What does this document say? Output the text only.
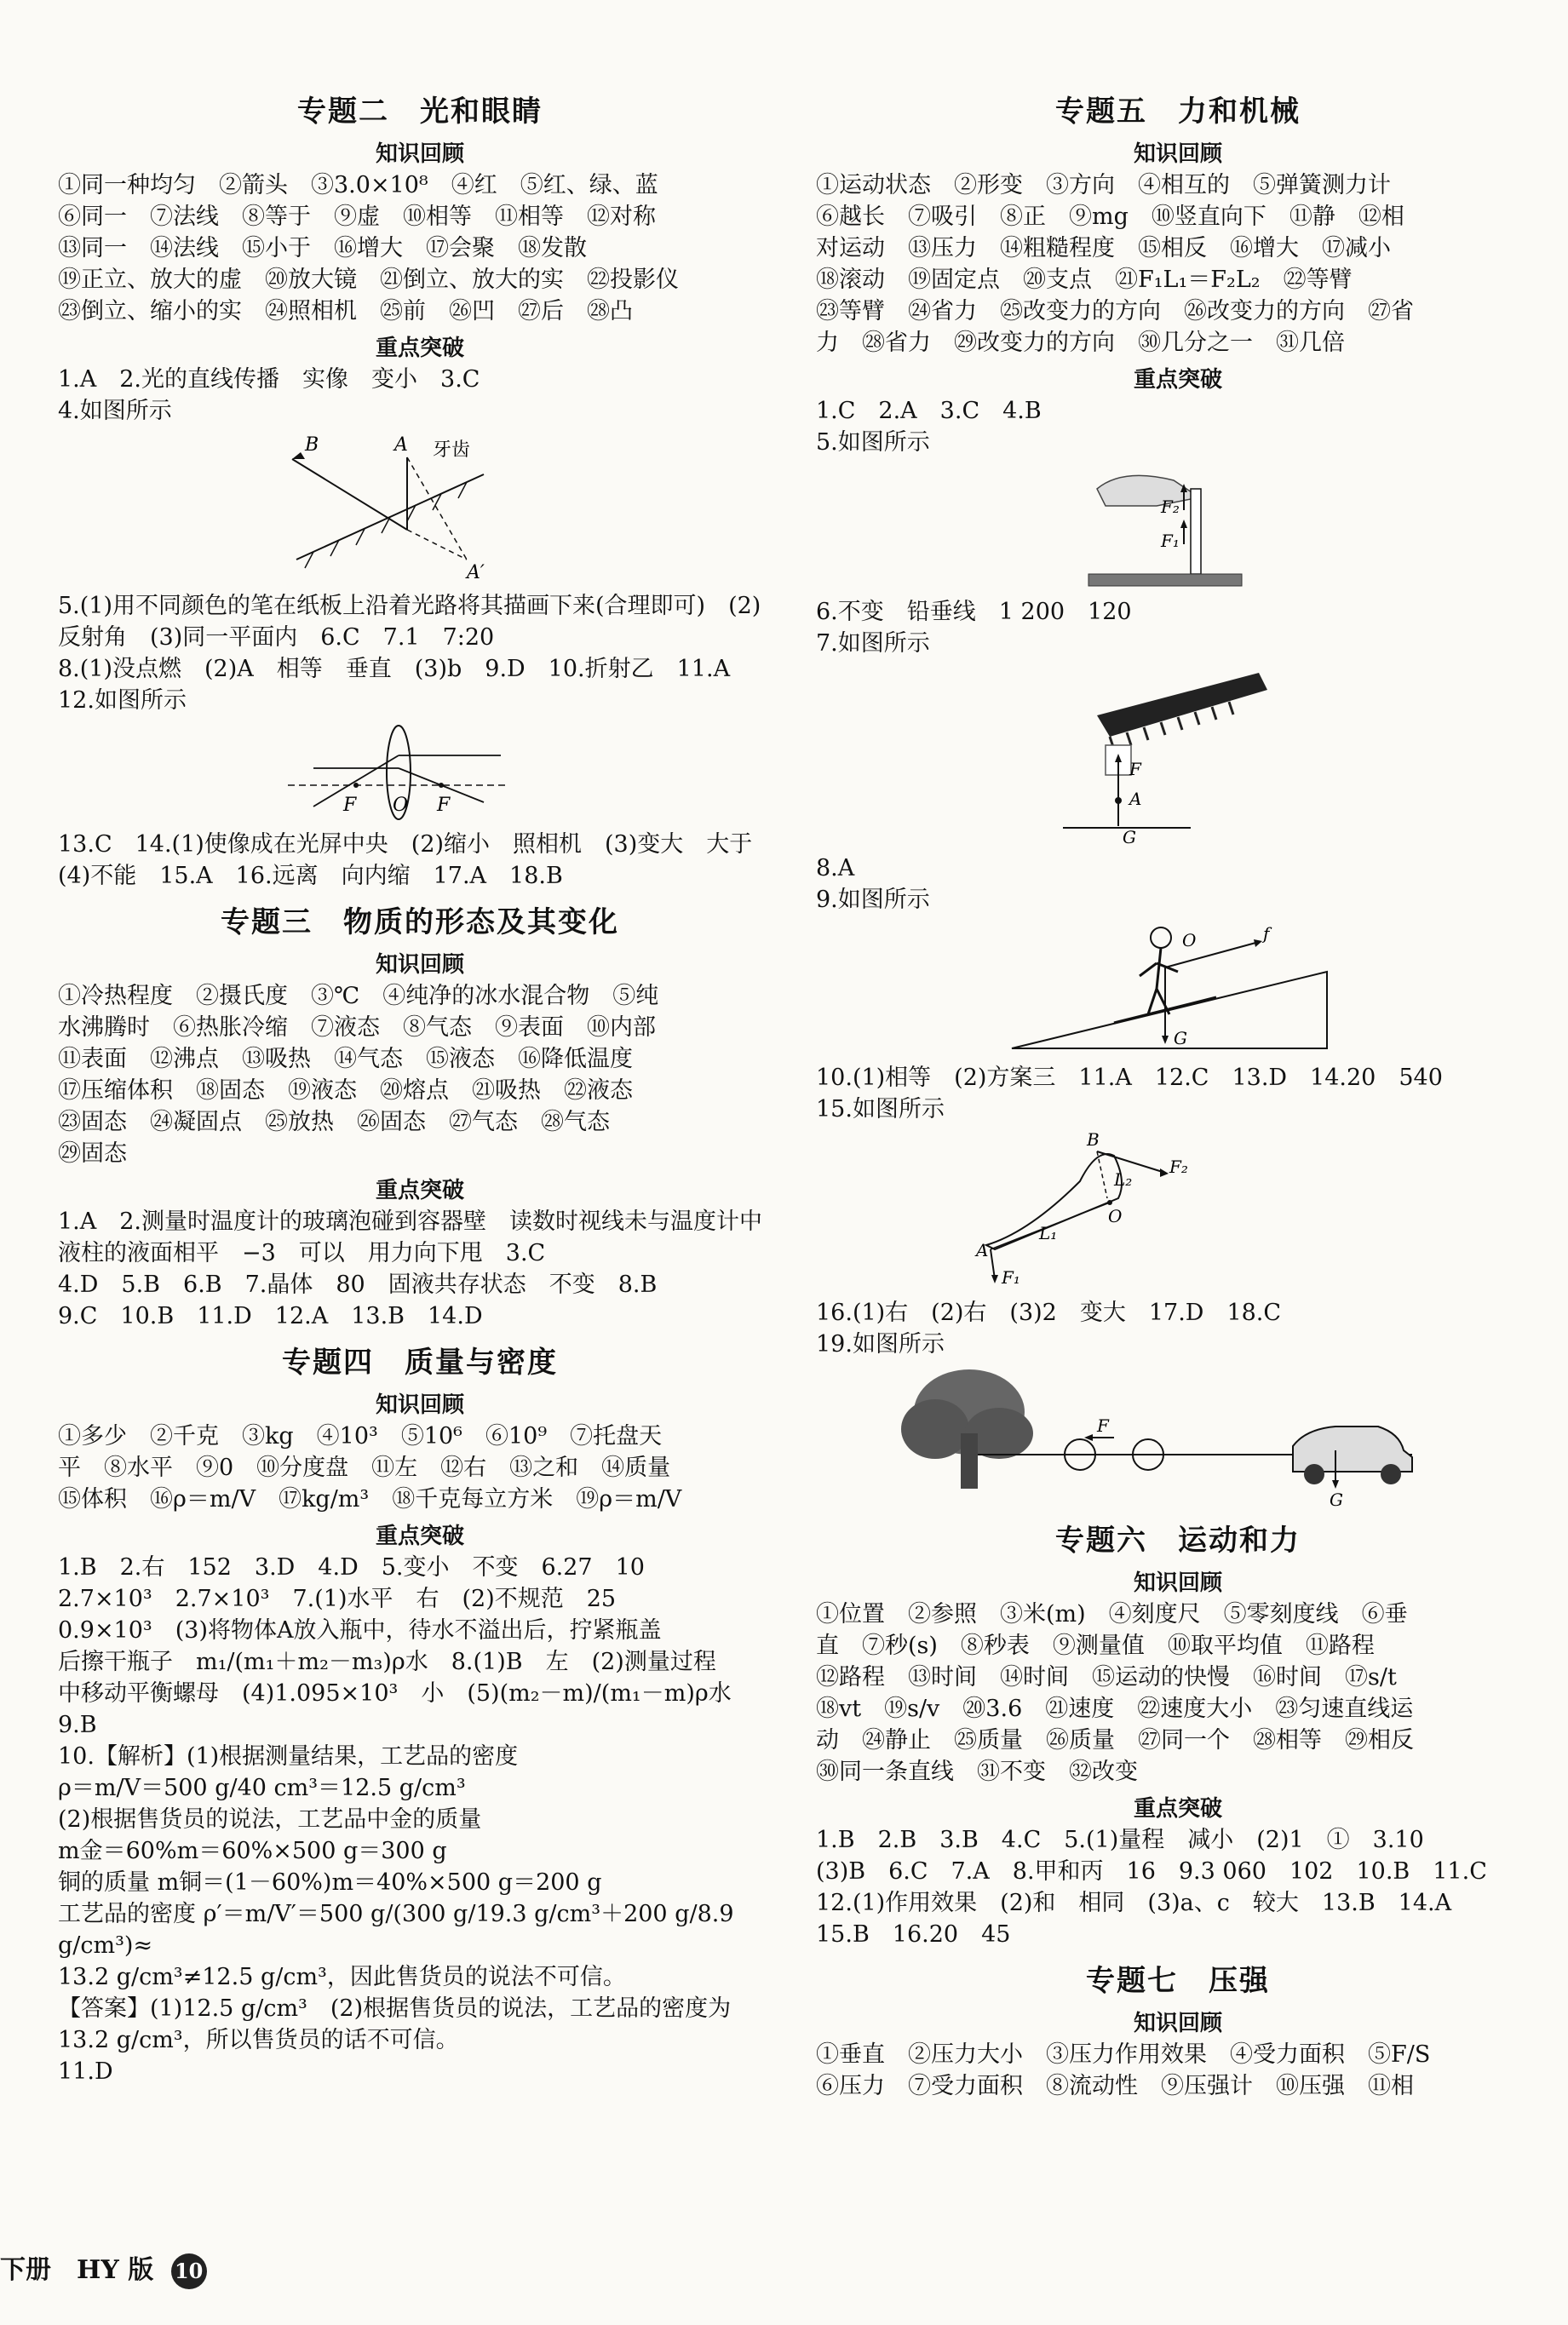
专题二　光和眼睛
知识回顾

①同一种均匀　②箭头　③3.0×10⁸　④红　⑤红、绿、蓝

⑥同一　⑦法线　⑧等于　⑨虚　⑩相等　⑪相等　⑫对称

⑬同一　⑭法线　⑮小于　⑯增大　⑰会聚　⑱发散

⑲正立、放大的虚　⑳放大镜　㉑倒立、放大的实　㉒投影仪

㉓倒立、缩小的实　㉔照相机　㉕前　㉖凹　㉗后　㉘凸

重点突破

1.A　2.光的直线传播　实像　变小　3.C

4.如图所示

B	A 牙齿
A′

5.(1)用不同颜色的笔在纸板上沿着光路将其描画下来(合理即可)　(2)反射角　(3)同一平面内　6.C　7.1　7:20

8.(1)没点燃　(2)A　相等　垂直　(3)b　9.D　10.折射乙　11.A

12.如图所示

F O F

13.C　14.(1)使像成在光屏中央　(2)缩小　照相机　(3)变大　大于　(4)不能　15.A　16.远离　向内缩　17.A　18.B

专题三　物质的形态及其变化
知识回顾

①冷热程度　②摄氏度　③℃　④纯净的冰水混合物　⑤纯

水沸腾时　⑥热胀冷缩　⑦液态　⑧气态　⑨表面　⑩内部

⑪表面　⑫沸点　⑬吸热　⑭气态　⑮液态　⑯降低温度

⑰压缩体积　⑱固态　⑲液态　⑳熔点　㉑吸热　㉒液态

㉓固态　㉔凝固点　㉕放热　㉖固态　㉗气态　㉘气态

㉙固态

重点突破

1.A　2.测量时温度计的玻璃泡碰到容器壁　读数时视线未与温度计中液柱的液面相平　−3　可以　用力向下甩　3.C

4.D　5.B　6.B　7.晶体　80　固液共存状态　不变　8.B

9.C　10.B　11.D　12.A　13.B　14.D

专题四　质量与密度
知识回顾

①多少　②千克　③kg　④10³　⑤10⁶　⑥10⁹　⑦托盘天

平　⑧水平　⑨0　⑩分度盘　⑪左　⑫右　⑬之和　⑭质量

⑮体积　⑯ρ＝m/V　⑰kg/m³　⑱千克每立方米　⑲ρ＝m/V

重点突破

1.B　2.右　152　3.D　4.D　5.变小　不变　6.27　10

2.7×10³　2.7×10³　7.(1)水平　右　(2)不规范　25

0.9×10³　(3)将物体A放入瓶中，待水不溢出后，拧紧瓶盖

后擦干瓶子　m₁/(m₁＋m₂－m₃)ρ水　8.(1)B　左　(2)测量过程

中移动平衡螺母　(4)1.095×10³　小　(5)(m₂－m)/(m₁－m)ρ水　9.B

10.【解析】(1)根据测量结果，工艺品的密度

ρ＝m/V＝500 g/40 cm³＝12.5 g/cm³

(2)根据售货员的说法，工艺品中金的质量

m金＝60%m＝60%×500 g＝300 g

铜的质量 m铜＝(1－60%)m＝40%×500 g＝200 g

工艺品的密度 ρ′＝m/V′＝500 g/(300 g/19.3 g/cm³＋200 g/8.9 g/cm³)≈

13.2 g/cm³≠12.5 g/cm³，因此售货员的说法不可信。

【答案】(1)12.5 g/cm³　(2)根据售货员的说法，工艺品的密度为13.2 g/cm³，所以售货员的话不可信。

11.D

专题五　力和机械
知识回顾

①运动状态　②形变　③方向　④相互的　⑤弹簧测力计

⑥越长　⑦吸引　⑧正　⑨mg　⑩竖直向下　⑪静　⑫相

对运动　⑬压力　⑭粗糙程度　⑮相反　⑯增大　⑰减小

⑱滚动　⑲固定点　⑳支点　㉑F₁L₁＝F₂L₂　㉒等臂

㉓等臂　㉔省力　㉕改变力的方向　㉖改变力的方向　㉗省

力　㉘省力　㉙改变力的方向　㉚几分之一　㉛几倍

重点突破

1.C　2.A　3.C　4.B

5.如图所示

F₂
F₁

6.不变　铅垂线　1 200　120

7.如图所示

F
A
G

8.A

9.如图所示

O	f
G

10.(1)相等　(2)方案三　11.A　12.C　13.D　14.20　540

15.如图所示

B
F₂
L₂
O
L₁
A
F₁

16.(1)右　(2)右　(3)2　变大　17.D　18.C

19.如图所示

F
G
专题六　运动和力
知识回顾

①位置　②参照　③米(m)　④刻度尺　⑤零刻度线　⑥垂

直　⑦秒(s)　⑧秒表　⑨测量值　⑩取平均值　⑪路程

⑫路程　⑬时间　⑭时间　⑮运动的快慢　⑯时间　⑰s/t

⑱vt　⑲s/v　⑳3.6　㉑速度　㉒速度大小　㉓匀速直线运

动　㉔静止　㉕质量　㉖质量　㉗同一个　㉘相等　㉙相反

㉚同一条直线　㉛不变　㉜改变

重点突破

1.B　2.B　3.B　4.C　5.(1)量程　减小　(2)1　①　3.10

(3)B　6.C　7.A　8.甲和丙　16　9.3 060　102　10.B　11.C

12.(1)作用效果　(2)和　相同　(3)a、c　较大　13.B　14.A

15.B　16.20　45

专题七　压强
知识回顾

①垂直　②压力大小　③压力作用效果　④受力面积　⑤F/S

⑥压力　⑦受力面积　⑧流动性　⑨压强计　⑩压强　⑪相

下册　HY 版 10
